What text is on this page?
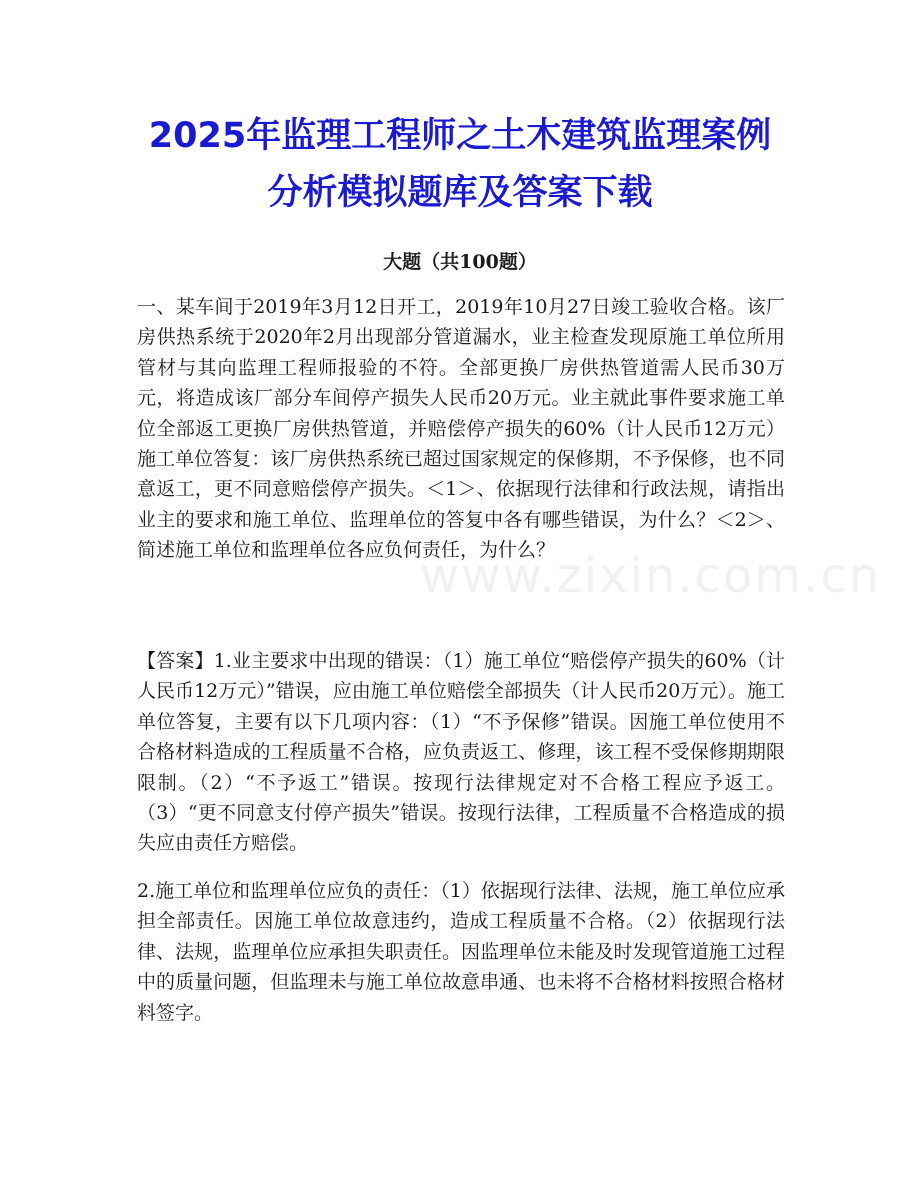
2025年监理工程师之土木建筑监理案例
分析模拟题库及答案下载

大题（共100题）

一、某车间于2019年3月12日开工，2019年10月27日竣工验收合格。该厂房供热系统于2020年2月出现部分管道漏水，业主检查发现原施工单位所用管材与其向监理工程师报验的不符。全部更换厂房供热管道需人民币30万元，将造成该厂部分车间停产损失人民币20万元。业主就此事件要求施工单位全部返工更换厂房供热管道，并赔偿停产损失的60%（计人民币12万元）施工单位答复：该厂房供热系统已超过国家规定的保修期，不予保修，也不同意返工，更不同意赔偿停产损失。＜1＞、依据现行法律和行政法规，请指出业主的要求和施工单位、监理单位的答复中各有哪些错误，为什么？＜2＞、简述施工单位和监理单位各应负何责任，为什么？

www.zixin.com.cn

【答案】1.业主要求中出现的错误：（1）施工单位“赔偿停产损失的60%（计人民币12万元）”错误，应由施工单位赔偿全部损失（计人民币20万元）。施工单位答复，主要有以下几项内容：（1）“不予保修”错误。因施工单位使用不合格材料造成的工程质量不合格，应负责返工、修理，该工程不受保修期期限限制。（2）“不予返工”错误。按现行法律规定对不合格工程应予返工。（3）“更不同意支付停产损失”错误。按现行法律，工程质量不合格造成的损失应由责任方赔偿。

2.施工单位和监理单位应负的责任：（1）依据现行法律、法规，施工单位应承担全部责任。因施工单位故意违约，造成工程质量不合格。（2）依据现行法律、法规，监理单位应承担失职责任。因监理单位未能及时发现管道施工过程中的质量问题，但监理未与施工单位故意串通、也未将不合格材料按照合格材料签字。
